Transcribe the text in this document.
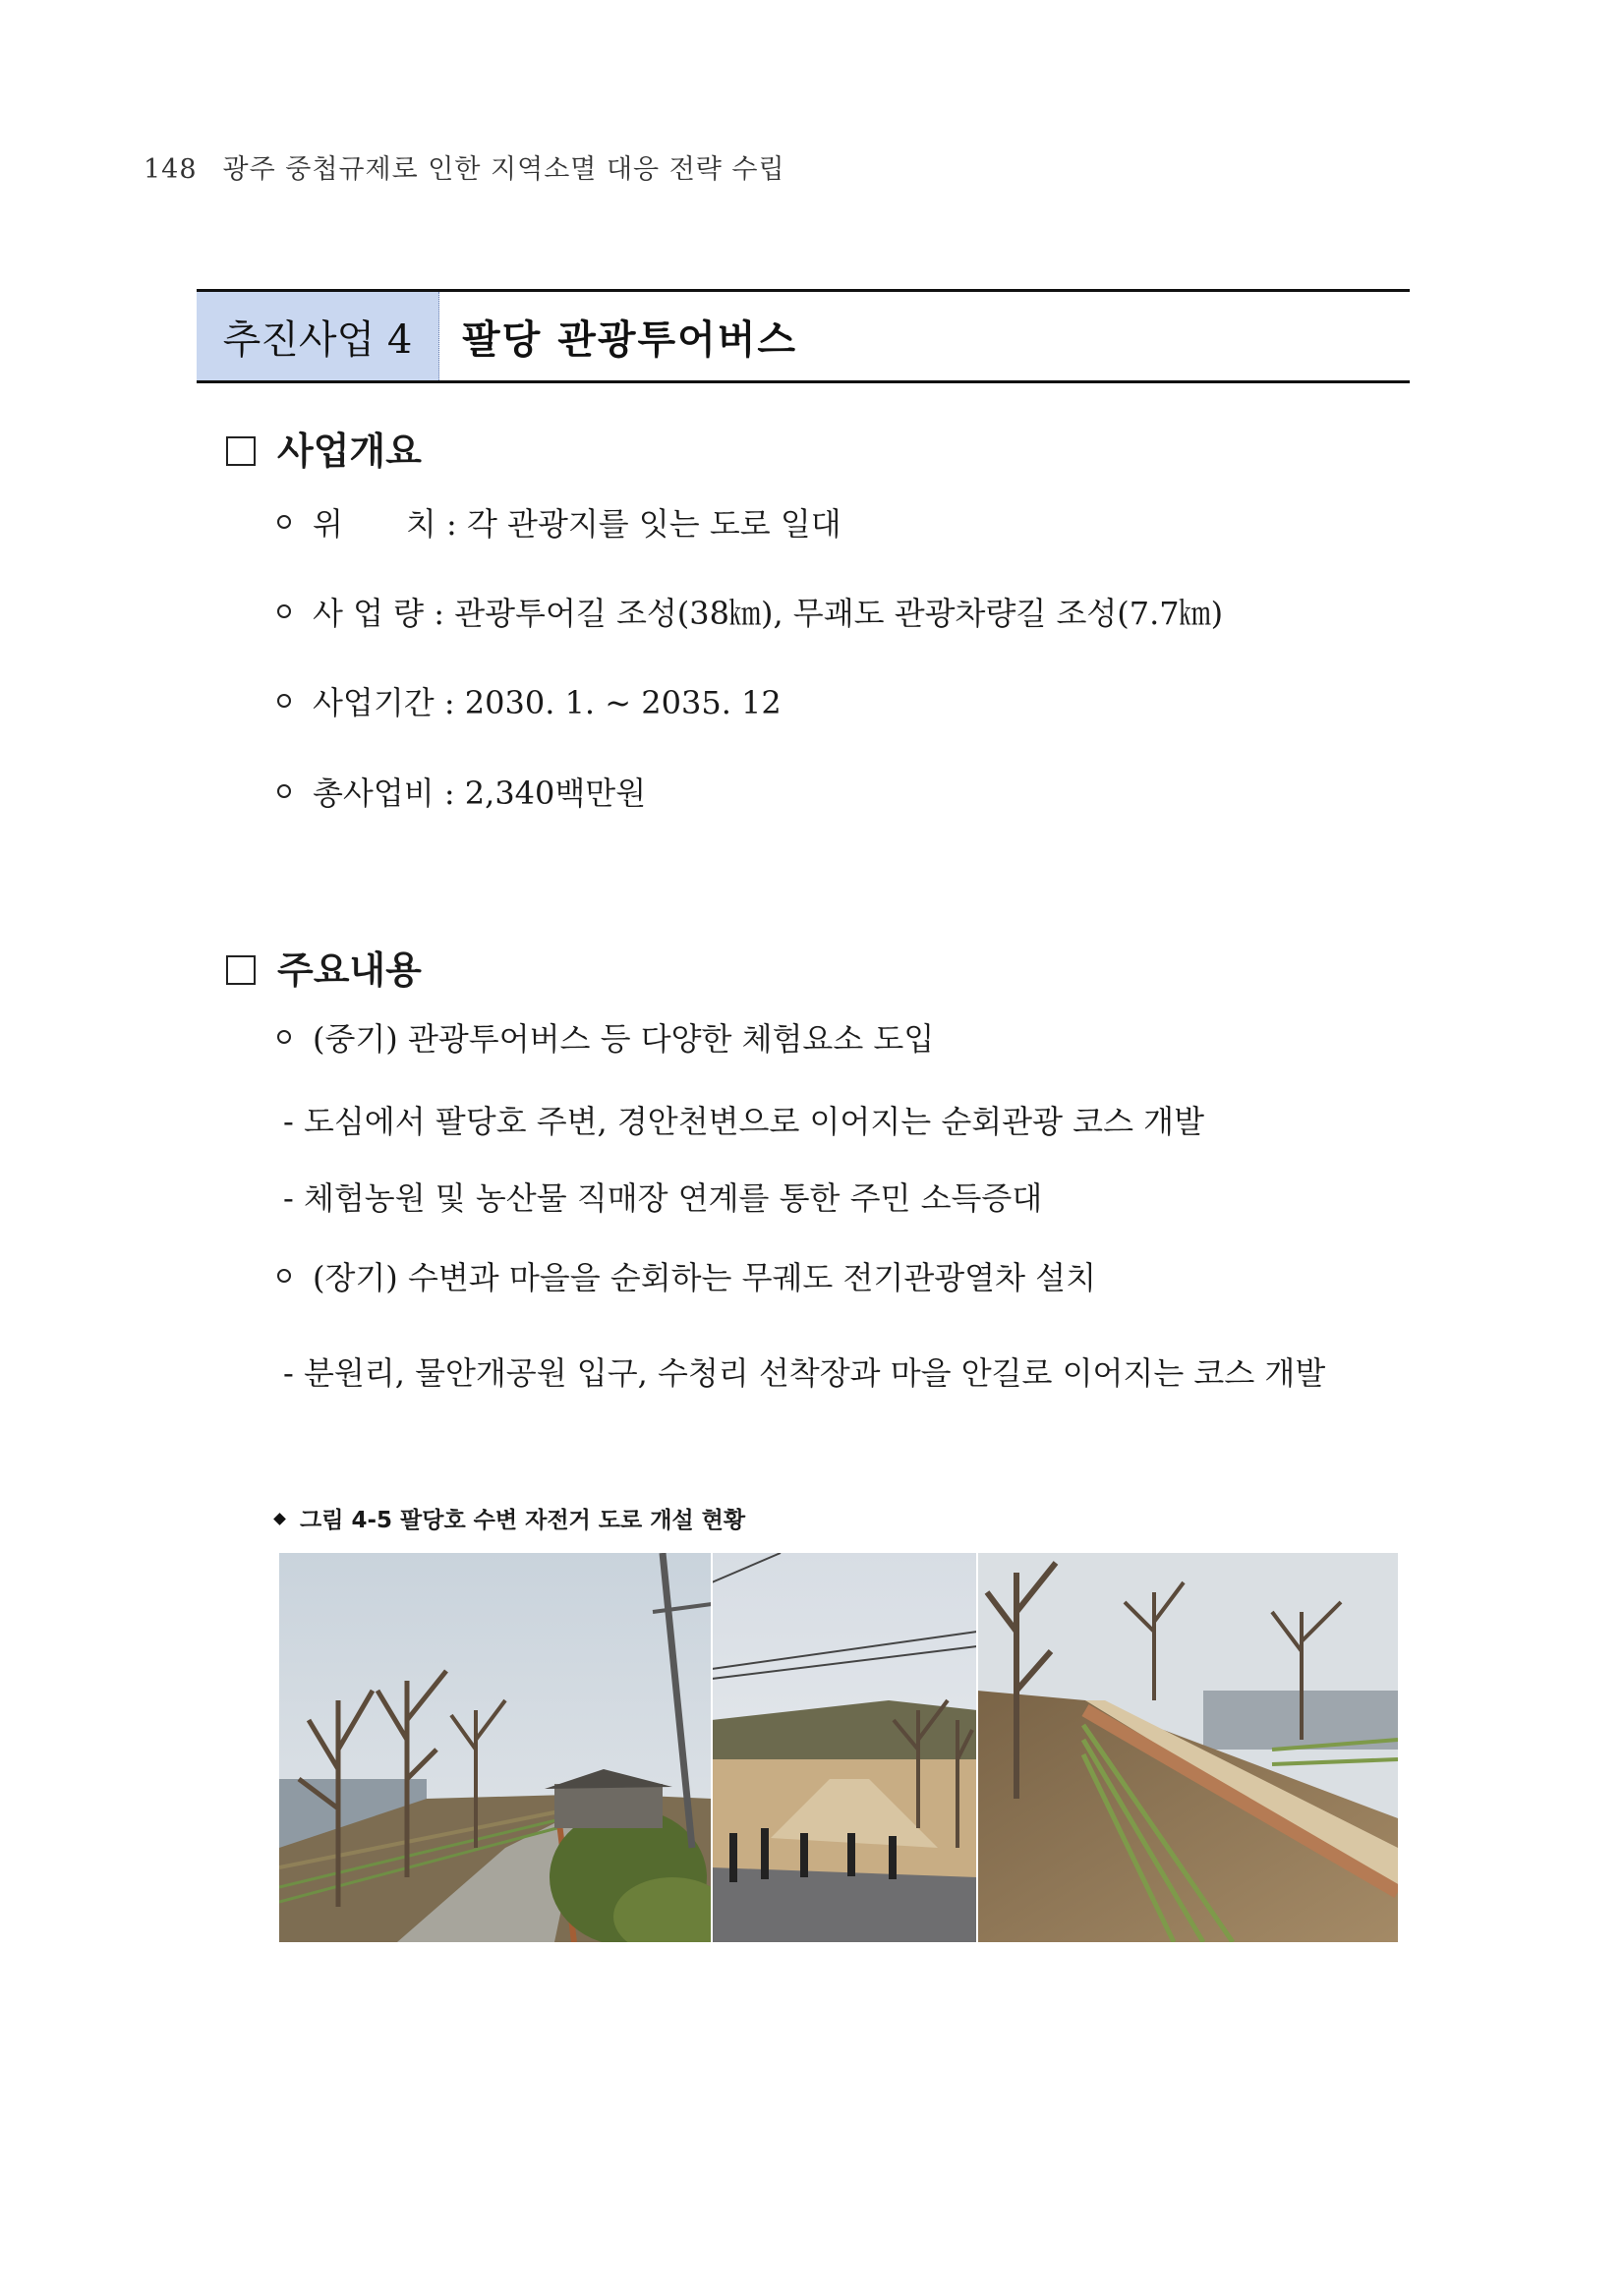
148 광주 중첩규제로 인한 지역소멸 대응 전략 수립
추진사업 4	팔당 관광투어버스
사업개요
위　　치 : 각 관광지를 잇는 도로 일대
사 업 량 : 관광투어길 조성(38㎞), 무괘도 관광차량길 조성(7.7㎞)
사업기간 : 2030. 1. ~ 2035. 12
총사업비 : 2,340백만원
주요내용
(중기) 관광투어버스 등 다양한 체험요소 도입
- 도심에서 팔당호 주변, 경안천변으로 이어지는 순회관광 코스 개발
- 체험농원 및 농산물 직매장 연계를 통한 주민 소득증대
(장기) 수변과 마을을 순회하는 무궤도 전기관광열차 설치
- 분원리, 물안개공원 입구, 수청리 선착장과 마을 안길로 이어지는 코스 개발
그림 4-5 팔당호 수변 자전거 도로 개설 현황
